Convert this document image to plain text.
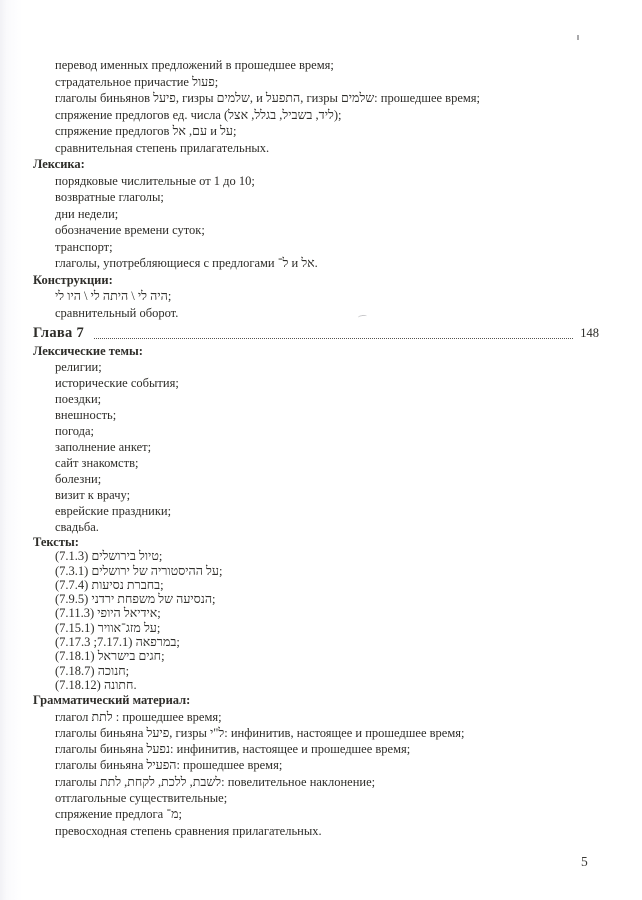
перевод именных предложений в прошедшее время;
страдательное причастие פעול;
глаголы биньянов פיעל, гизры שלמים, и התפעל, гизры שלמים: прошедшее время;
спряжение предлогов ед. числа (ליד, בשביל, בגלל, אצל);
спряжение предлогов עם, אל и על;
сравнительная степень прилагательных.
Лексика:
порядковые числительные от 1 до 10;
возвратные глаголы;
дни недели;
обозначение времени суток;
транспорт;
глаголы, употребляющиеся с предлогами ל־ и אל.
Конструкции:
היה לי \ היתה לי \ היו לי;
сравнительный оборот.
Глава 7	148
Лексические темы:
религии;
исторические события;
поездки;
внешность;
погода;
заполнение анкет;
сайт знакомств;
болезни;
визит к врачу;
еврейские праздники;
свадьба.
Тексты:
טיול בירושלים (7.1.3);
על ההיסטוריה של ירושלים (7.3.1);
בחברת נסיעות (7.7.4);
הנסיעה של משפחת ירדני (7.9.5);
אידיאל היופי (7.11.3);
על מזג־אוויר (7.15.1);
במרפאה (7.17.1; 7.17.3);
חגים בישראל (7.18.1);
חנוכה (7.18.7);
חתונה (7.18.12).
Грамматический материал:
глагол לתת : прошедшее время;
глаголы биньяна פיעל, гизры ל"י: инфинитив, настоящее и прошедшее время;
глаголы биньяна נפעל: инфинитив, настоящее и прошедшее время;
глаголы биньяна הפעיל: прошедшее время;
глаголы לשבת, ללכת, לקחת, לתת: повелительное наклонение;
отглагольные существительные;
спряжение предлога מ־;
превосходная степень сравнения прилагательных.
5
